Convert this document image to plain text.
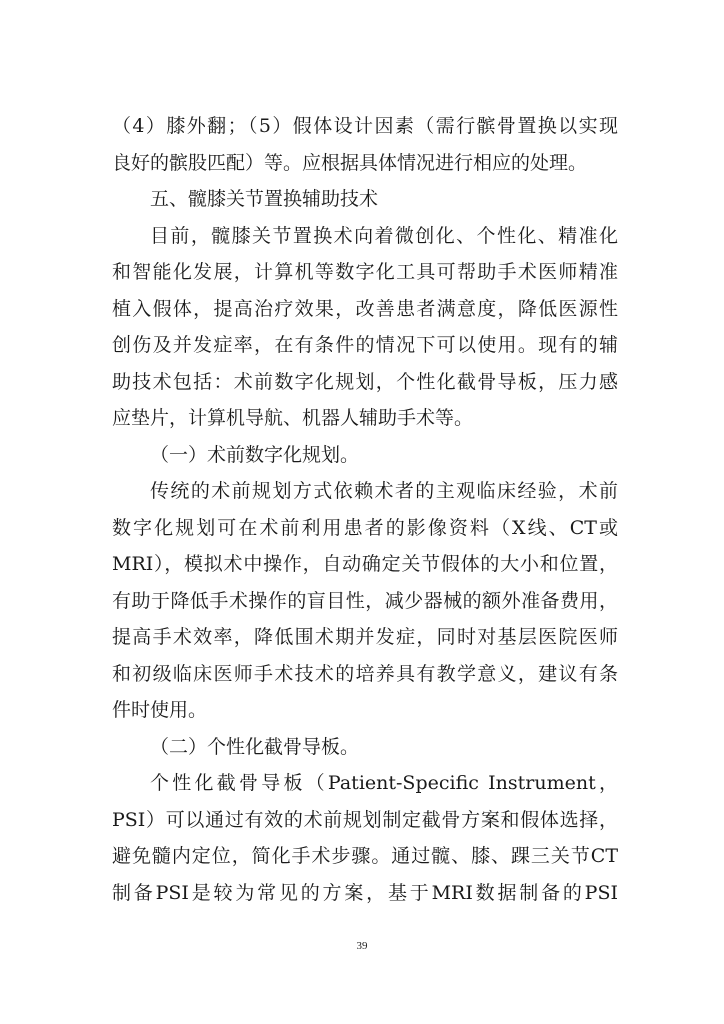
（4）膝外翻；（5）假体设计因素（需行髌骨置换以实现
良好的髌股匹配）等。应根据具体情况进行相应的处理。
五、髋膝关节置换辅助技术
目前，髋膝关节置换术向着微创化、个性化、精准化
和智能化发展，计算机等数字化工具可帮助手术医师精准
植入假体，提高治疗效果，改善患者满意度，降低医源性
创伤及并发症率，在有条件的情况下可以使用。现有的辅
助技术包括：术前数字化规划，个性化截骨导板，压力感
应垫片，计算机导航、机器人辅助手术等。
（一）术前数字化规划。
传统的术前规划方式依赖术者的主观临床经验，术前
数字化规划可在术前利用患者的影像资料（X线、CT或
MRI），模拟术中操作，自动确定关节假体的大小和位置，
有助于降低手术操作的盲目性，减少器械的额外准备费用，
提高手术效率，降低围术期并发症，同时对基层医院医师
和初级临床医师手术技术的培养具有教学意义，建议有条
件时使用。
（二）个性化截骨导板。
个性化截骨导板（Patient-Specific Instrument，
PSI）可以通过有效的术前规划制定截骨方案和假体选择，
避免髓内定位，简化手术步骤。通过髋、膝、踝三关节CT
制备PSI是较为常见的方案，基于MRI数据制备的PSI
39
